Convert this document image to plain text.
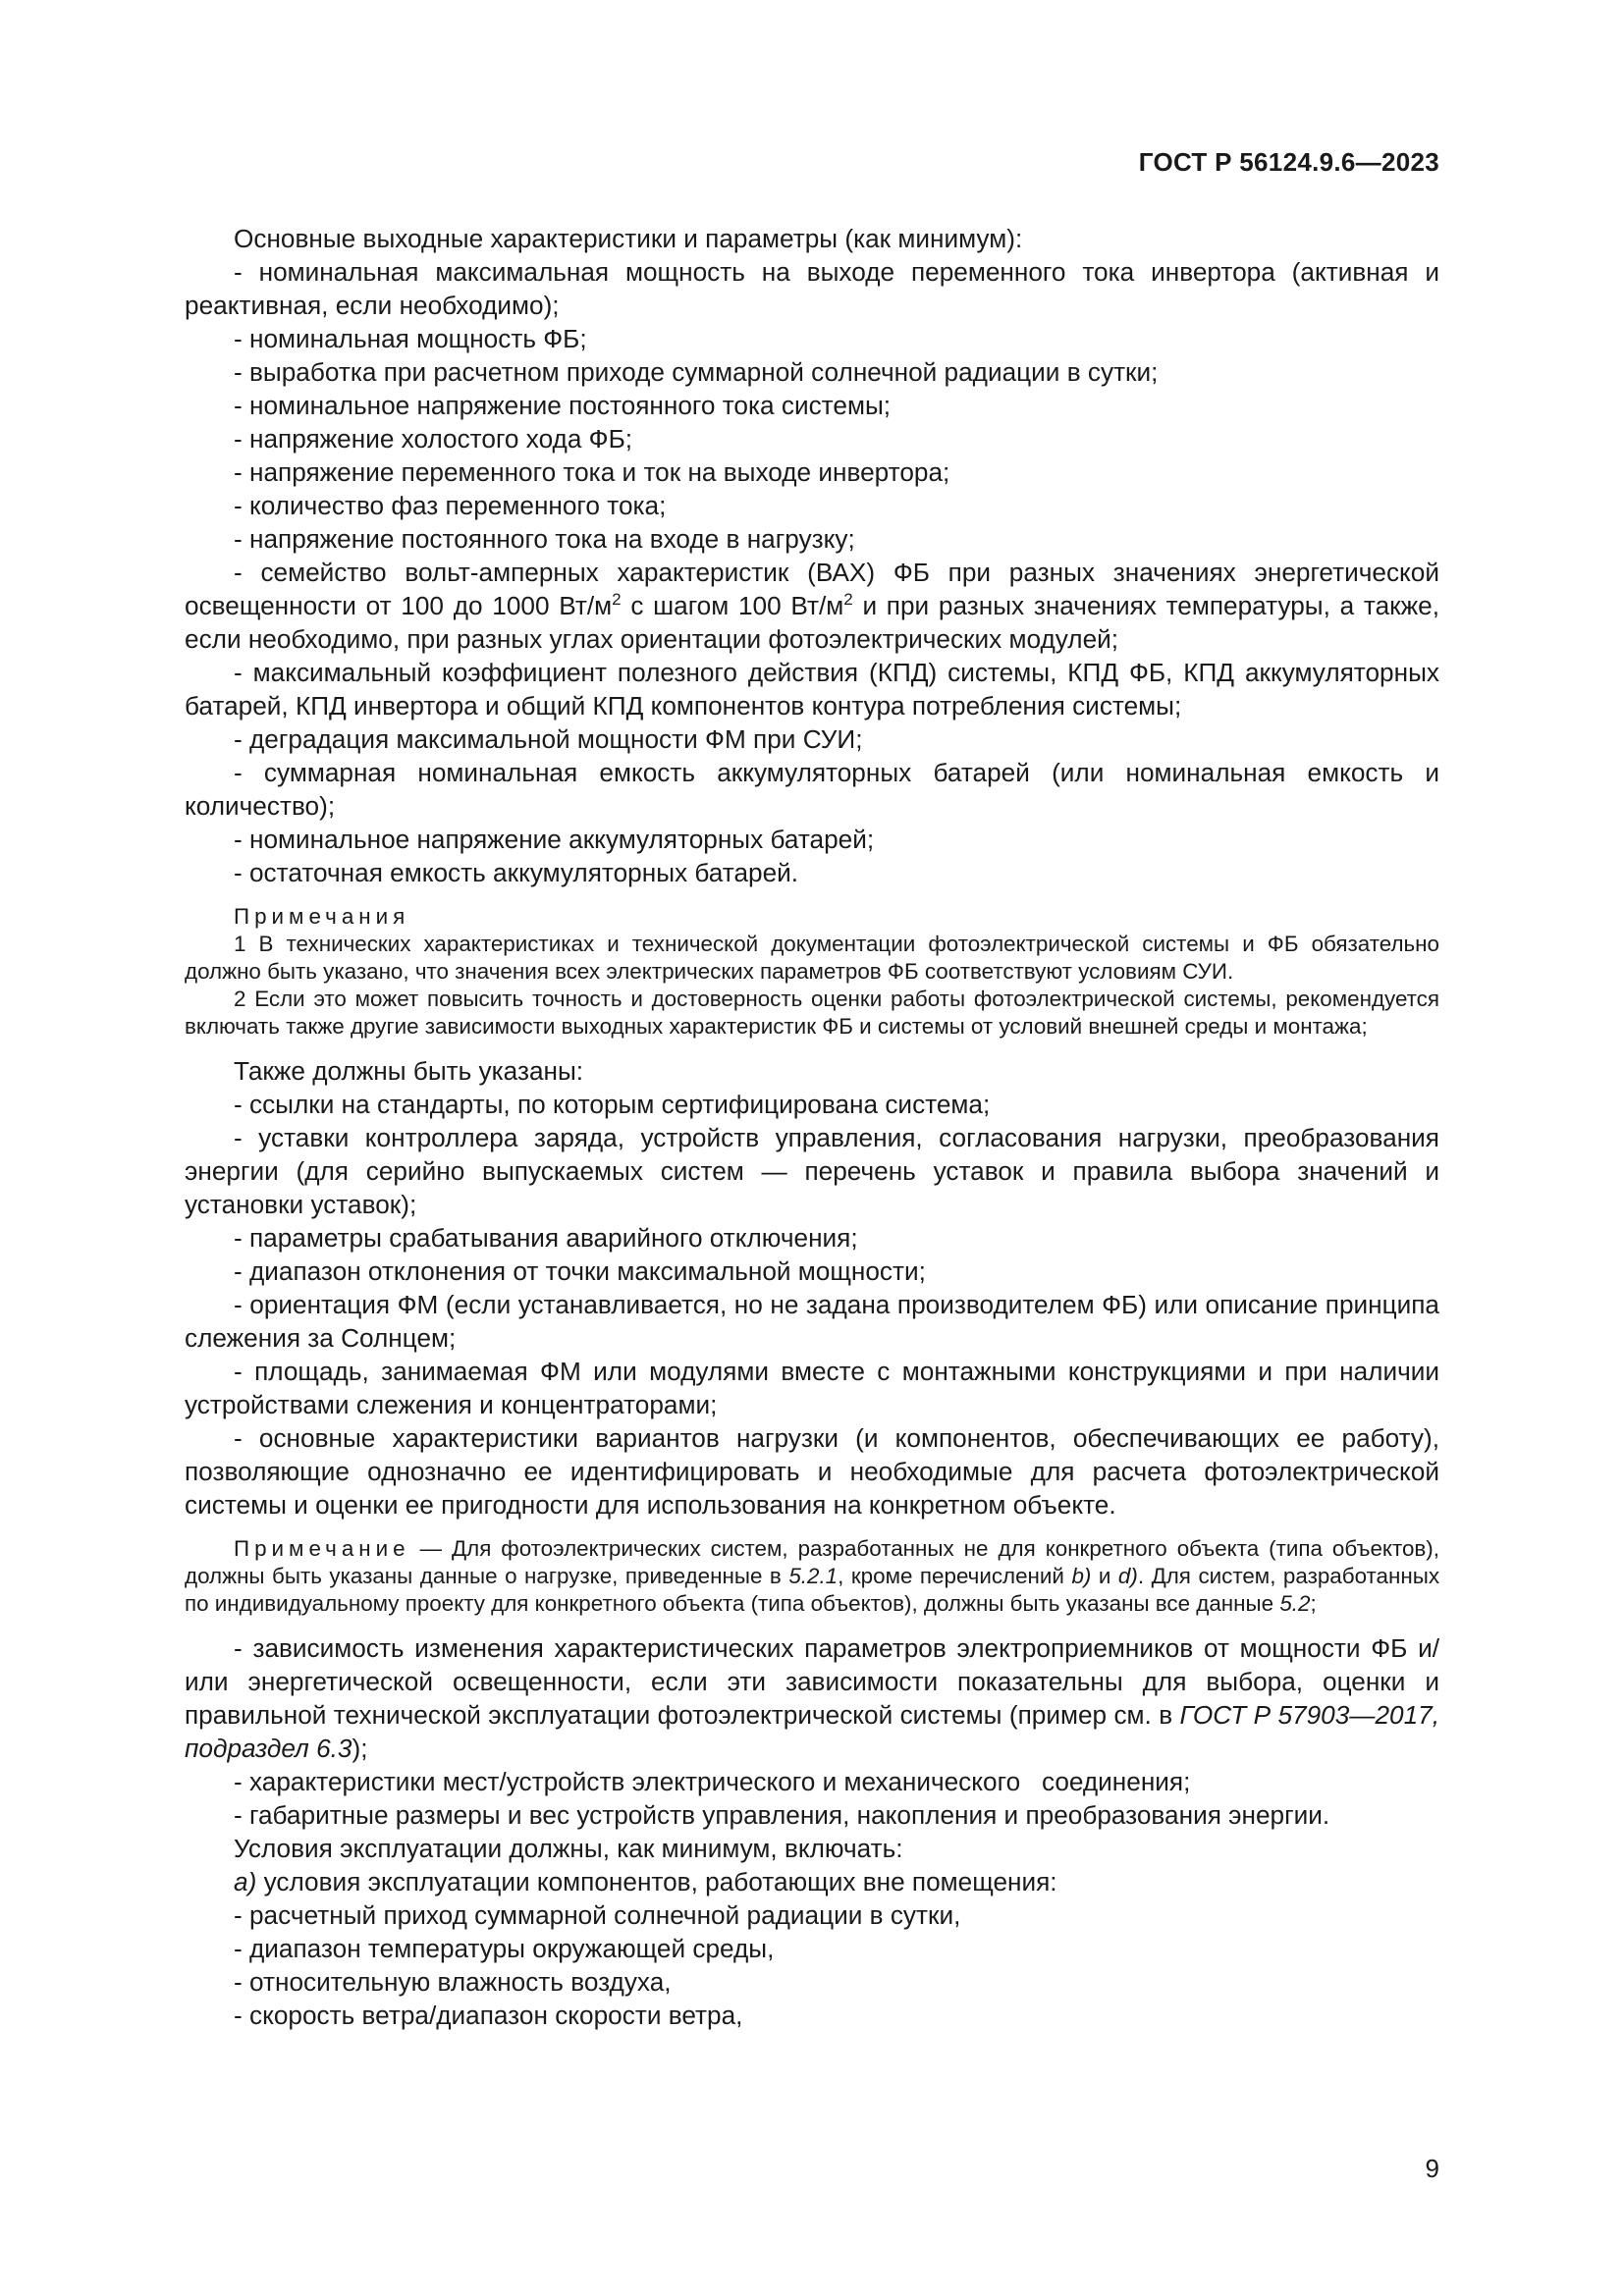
ГОСТ Р 56124.9.6—2023

Основные выходные характеристики и параметры (как минимум):

- номинальная максимальная мощность на выходе переменного тока инвертора (активная и реактивная, если необходимо);

- номинальная мощность ФБ;

- выработка при расчетном приходе суммарной солнечной радиации в сутки;

- номинальное напряжение постоянного тока системы;

- напряжение холостого хода ФБ;

- напряжение переменного тока и ток на выходе инвертора;

- количество фаз переменного тока;

- напряжение постоянного тока на входе в нагрузку;

- семейство вольт-амперных характеристик (ВАХ) ФБ при разных значениях энергетической освещенности от 100 до 1000 $Вт/м^2$ с шагом 100 $Вт/м^2$ и при разных значениях температуры, а также, если необходимо, при разных углах ориентации фотоэлектрических модулей;

- максимальный коэффициент полезного действия (КПД) системы, КПД ФБ, КПД аккумуляторных батарей, КПД инвертора и общий КПД компонентов контура потребления системы;

- деградация максимальной мощности ФМ при СУИ;

- суммарная номинальная емкость аккумуляторных батарей (или номинальная емкость и количество);

- номинальное напряжение аккумуляторных батарей;

- остаточная емкость аккумуляторных батарей.

Примечания

1 В технических характеристиках и технической документации фотоэлектрической системы и ФБ обязательно должно быть указано, что значения всех электрических параметров ФБ соответствуют условиям СУИ.

2 Если это может повысить точность и достоверность оценки работы фотоэлектрической системы, рекомендуется включать также другие зависимости выходных характеристик ФБ и системы от условий внешней среды и монтажа;

Также должны быть указаны:

- ссылки на стандарты, по которым сертифицирована система;

- уставки контроллера заряда, устройств управления, согласования нагрузки, преобразования энергии (для серийно выпускаемых систем — перечень уставок и правила выбора значений и установки уставок);

- параметры срабатывания аварийного отключения;

- диапазон отклонения от точки максимальной мощности;

- ориентация ФМ (если устанавливается, но не задана производителем ФБ) или описание принципа слежения за Солнцем;

- площадь, занимаемая ФМ или модулями вместе с монтажными конструкциями и при наличии устройствами слежения и концентраторами;

- основные характеристики вариантов нагрузки (и компонентов, обеспечивающих ее работу), позволяющие однозначно ее идентифицировать и необходимые для расчета фотоэлектрической системы и оценки ее пригодности для использования на конкретном объекте.

Примечание — Для фотоэлектрических систем, разработанных не для конкретного объекта (типа объектов), должны быть указаны данные о нагрузке, приведенные в 5.2.1, кроме перечислений b) и d). Для систем, разработанных по индивидуальному проекту для конкретного объекта (типа объектов), должны быть указаны все данные 5.2;

- зависимость изменения характеристических параметров электроприемников от мощности ФБ и/или энергетической освещенности, если эти зависимости показательны для выбора, оценки и правильной технической эксплуатации фотоэлектрической системы (пример см. в ГОСТ Р 57903—2017, подраздел 6.3);

- характеристики мест/устройств электрического и механического   соединения;

- габаритные размеры и вес устройств управления, накопления и преобразования энергии.

Условия эксплуатации должны, как минимум, включать:

а) условия эксплуатации компонентов, работающих вне помещения:

- расчетный приход суммарной солнечной радиации в сутки,

- диапазон температуры окружающей среды,

- относительную влажность воздуха,

- скорость ветра/диапазон скорости ветра,

9
